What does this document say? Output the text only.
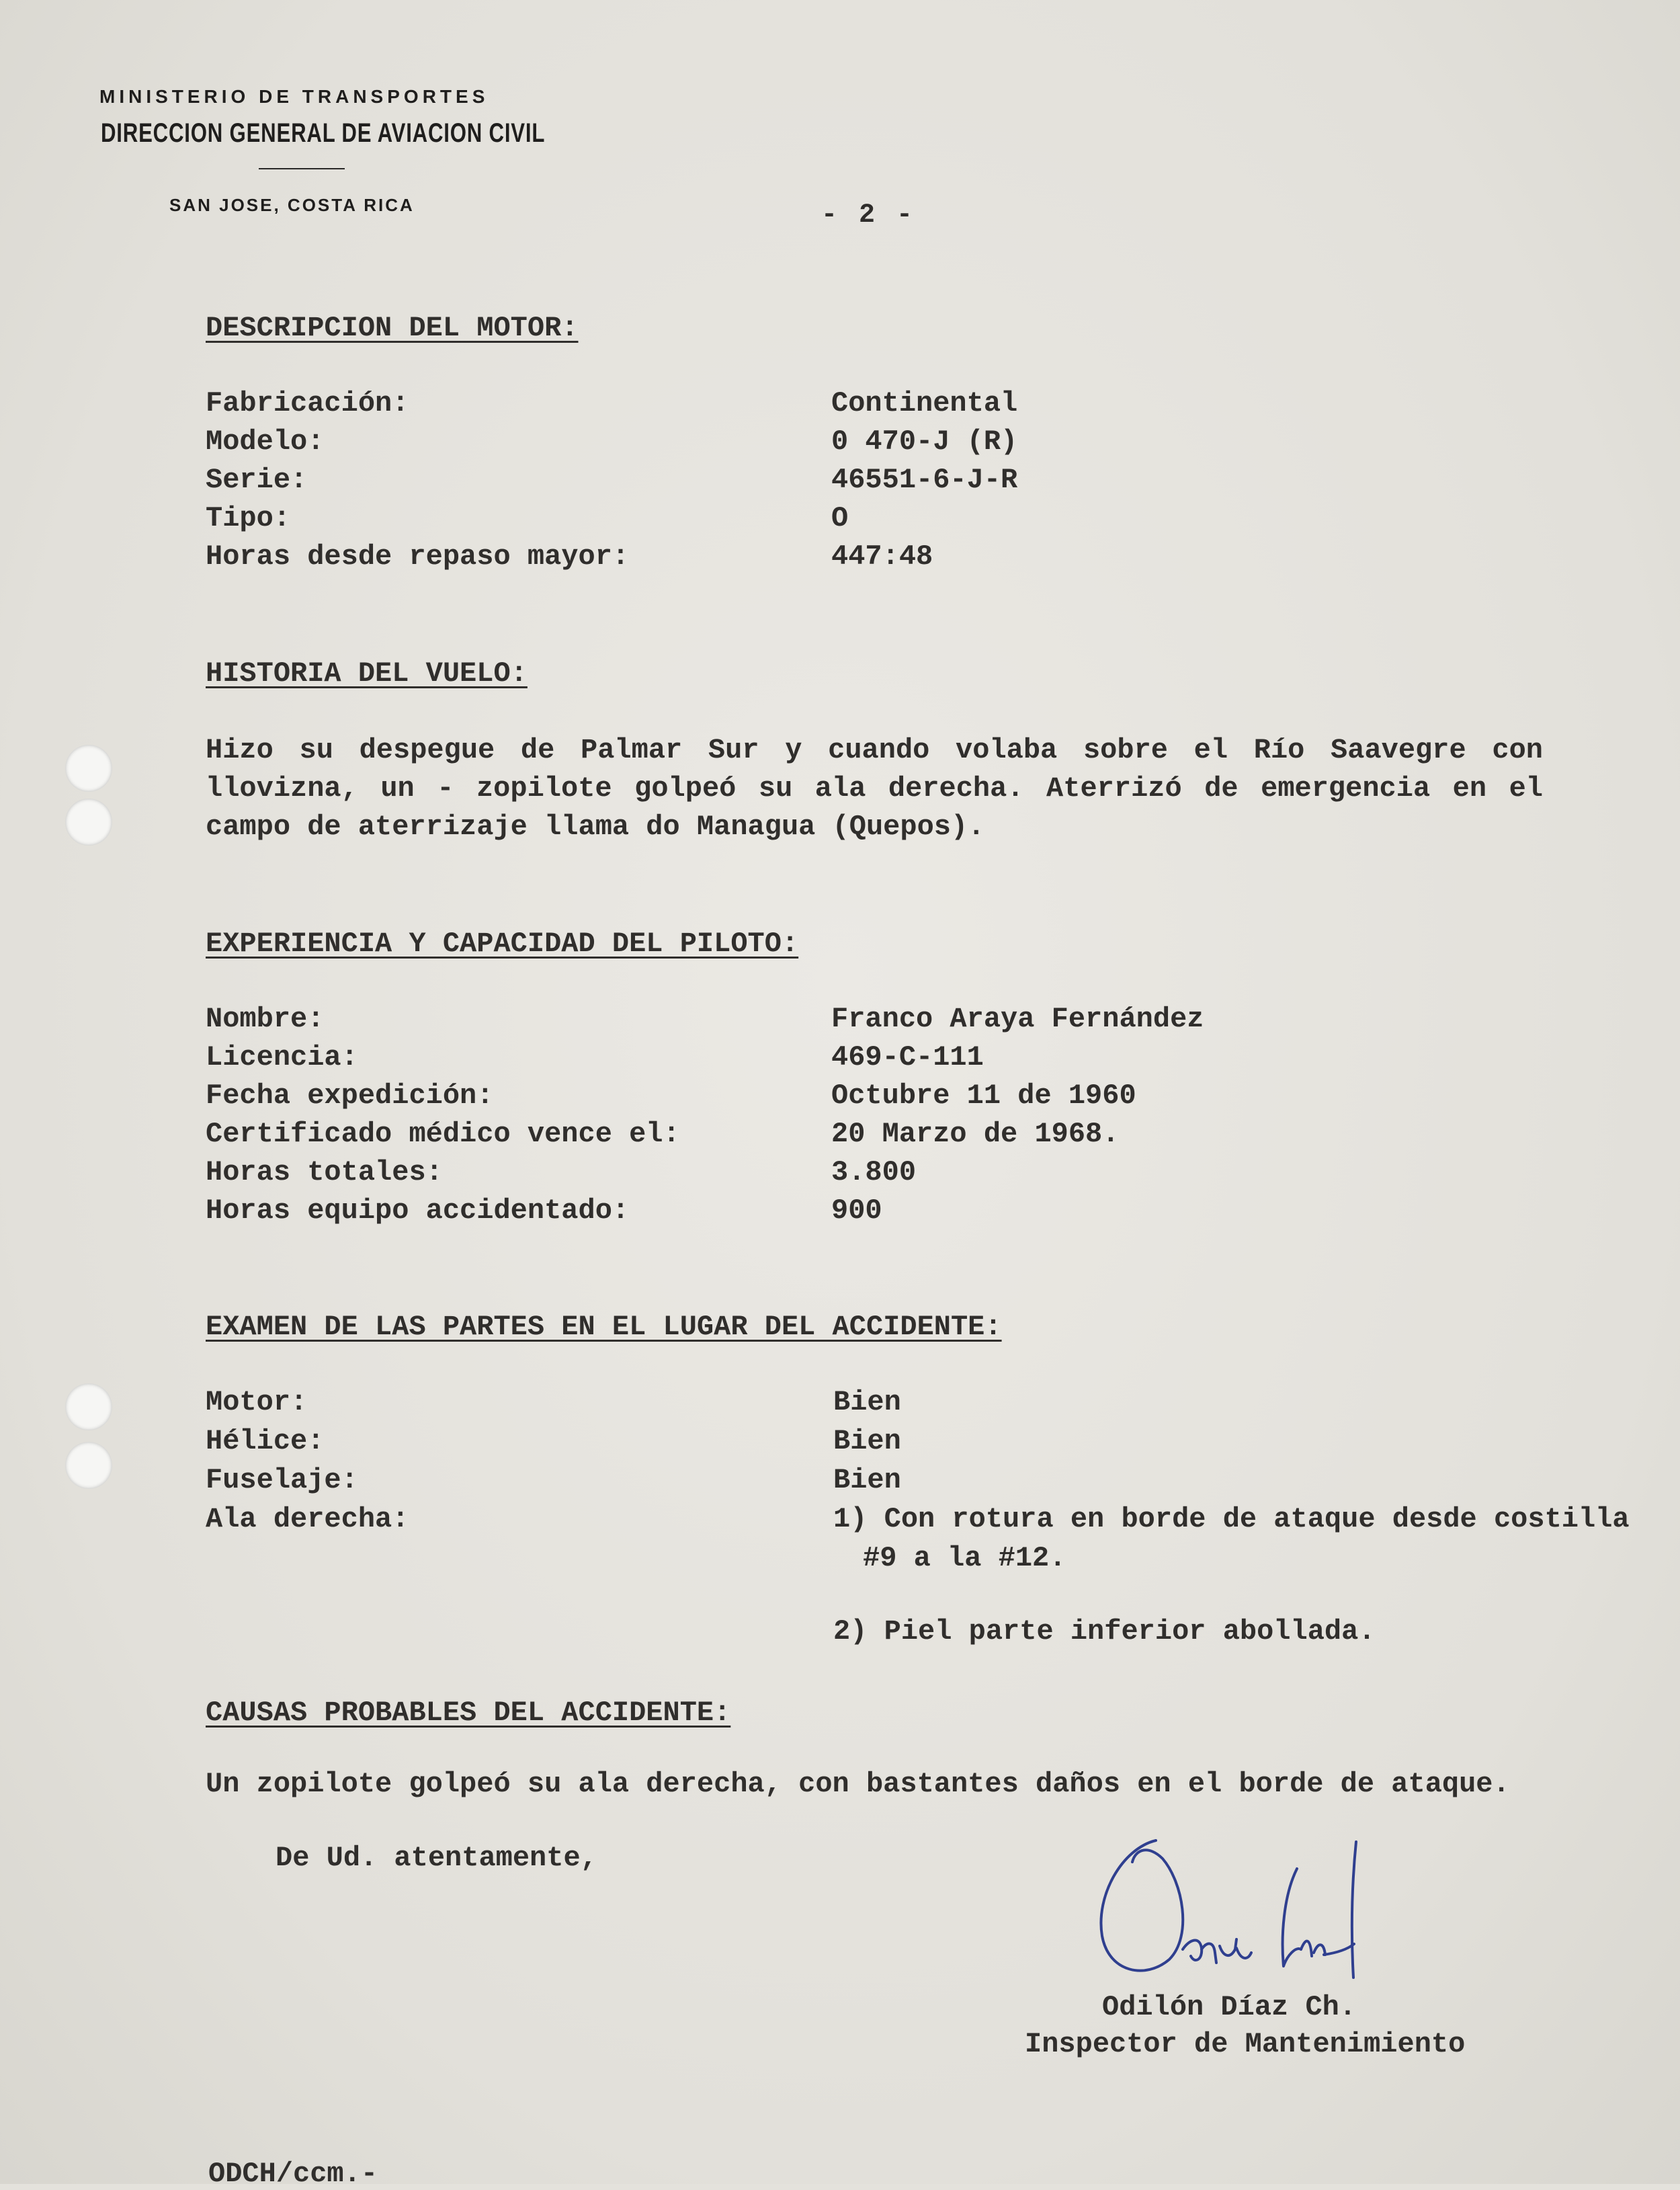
MINISTERIO DE TRANSPORTES
DIRECCION GENERAL DE AVIACION CIVIL
SAN JOSE, COSTA RICA	- 2 -
DESCRIPCION DEL MOTOR:
Fabricación:	Continental
Modelo:	0 470-J (R)
Serie:	46551-6-J-R
Tipo:	O
Horas desde repaso mayor:	447:48
HISTORIA DEL VUELO:
Hizo su despegue de Palmar Sur y cuando volaba sobre el Río Saavegre con llovizna, un - zopilote golpeó su ala derecha. Aterrizó de emergencia en el campo de aterrizaje llama do Managua (Quepos).
EXPERIENCIA Y CAPACIDAD DEL PILOTO:
Nombre:	Franco Araya Fernández
Licencia:	469-C-111
Fecha expedición:	Octubre 11 de 1960
Certificado médico vence el:	20 Marzo de 1968.
Horas totales:	3.800
Horas equipo accidentado:	900
EXAMEN DE LAS PARTES EN EL LUGAR DEL ACCIDENTE:
Motor:	Bien
Hélice:	Bien
Fuselaje:	Bien
Ala derecha:	1) Con rotura en borde de ataque desde costilla
#9 a la #12.
2) Piel parte inferior abollada.
CAUSAS PROBABLES DEL ACCIDENTE:
Un zopilote golpeó su ala derecha, con bastantes daños en el borde de ataque.
De Ud. atentamente,
Odilón Díaz Ch.
Inspector de Mantenimiento
ODCH/ccm.-
